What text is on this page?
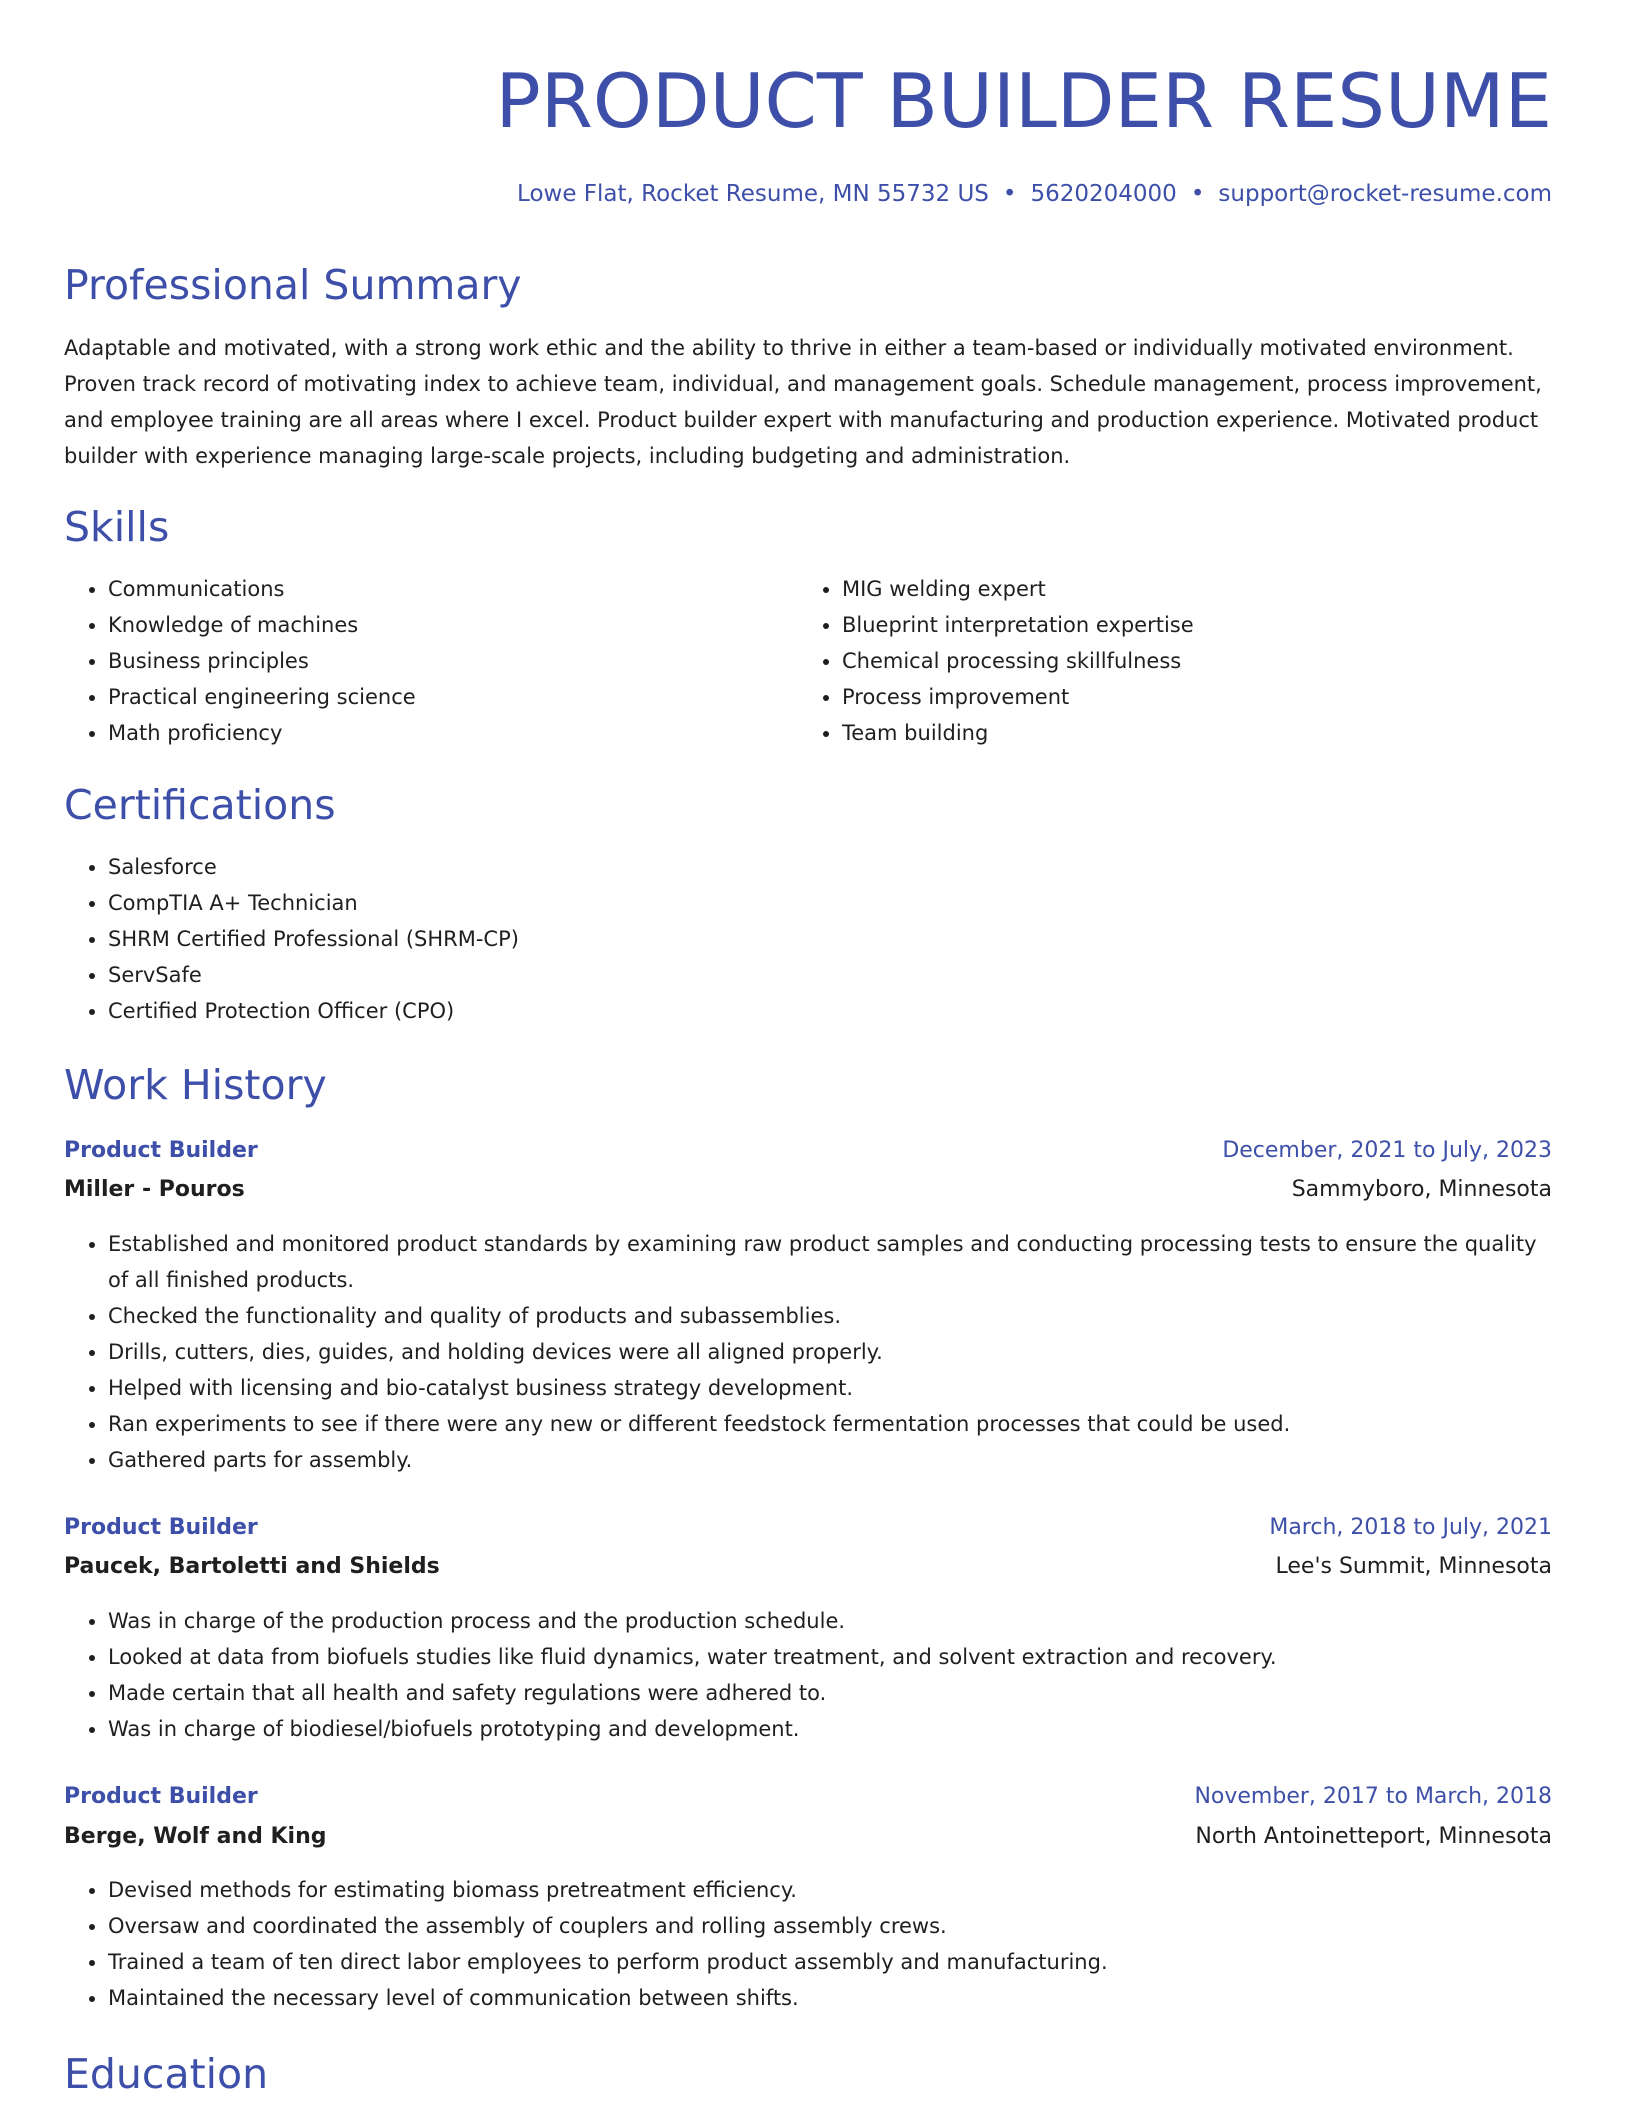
PRODUCT BUILDER RESUME
Lowe Flat, Rocket Resume, MN 55732 US • 5620204000 • support@rocket-resume.com
Professional Summary

Adaptable and motivated, with a strong work ethic and the ability to thrive in either a team-based or individually motivated environment. Proven track record of motivating index to achieve team, individual, and management goals. Schedule management, process improvement, and employee training are all areas where I excel. Product builder expert with manufacturing and production experience. Motivated product builder with experience managing large-scale projects, including budgeting and administration.

Skills
• Communications
• Knowledge of machines
• Business principles
• Practical engineering science
• Math proficiency
• MIG welding expert
• Blueprint interpretation expertise
• Chemical processing skillfulness
• Process improvement
• Team building
Certifications
• Salesforce
• CompTIA A+ Technician
• SHRM Certified Professional (SHRM-CP)
• ServSafe
• Certified Protection Officer (CPO)
Work History
Product Builder	December, 2021 to July, 2023
Miller - Pouros	Sammyboro, Minnesota
• Established and monitored product standards by examining raw product samples and conducting processing tests to ensure the quality of all finished products.
• Checked the functionality and quality of products and subassemblies.
• Drills, cutters, dies, guides, and holding devices were all aligned properly.
• Helped with licensing and bio-catalyst business strategy development.
• Ran experiments to see if there were any new or different feedstock fermentation processes that could be used.
• Gathered parts for assembly.
Product Builder	March, 2018 to July, 2021
Paucek, Bartoletti and Shields	Lee's Summit, Minnesota
• Was in charge of the production process and the production schedule.
• Looked at data from biofuels studies like fluid dynamics, water treatment, and solvent extraction and recovery.
• Made certain that all health and safety regulations were adhered to.
• Was in charge of biodiesel/biofuels prototyping and development.
Product Builder	November, 2017 to March, 2018
Berge, Wolf and King	North Antoinetteport, Minnesota
• Devised methods for estimating biomass pretreatment efficiency.
• Oversaw and coordinated the assembly of couplers and rolling assembly crews.
• Trained a team of ten direct labor employees to perform product assembly and manufacturing.
• Maintained the necessary level of communication between shifts.
Education
